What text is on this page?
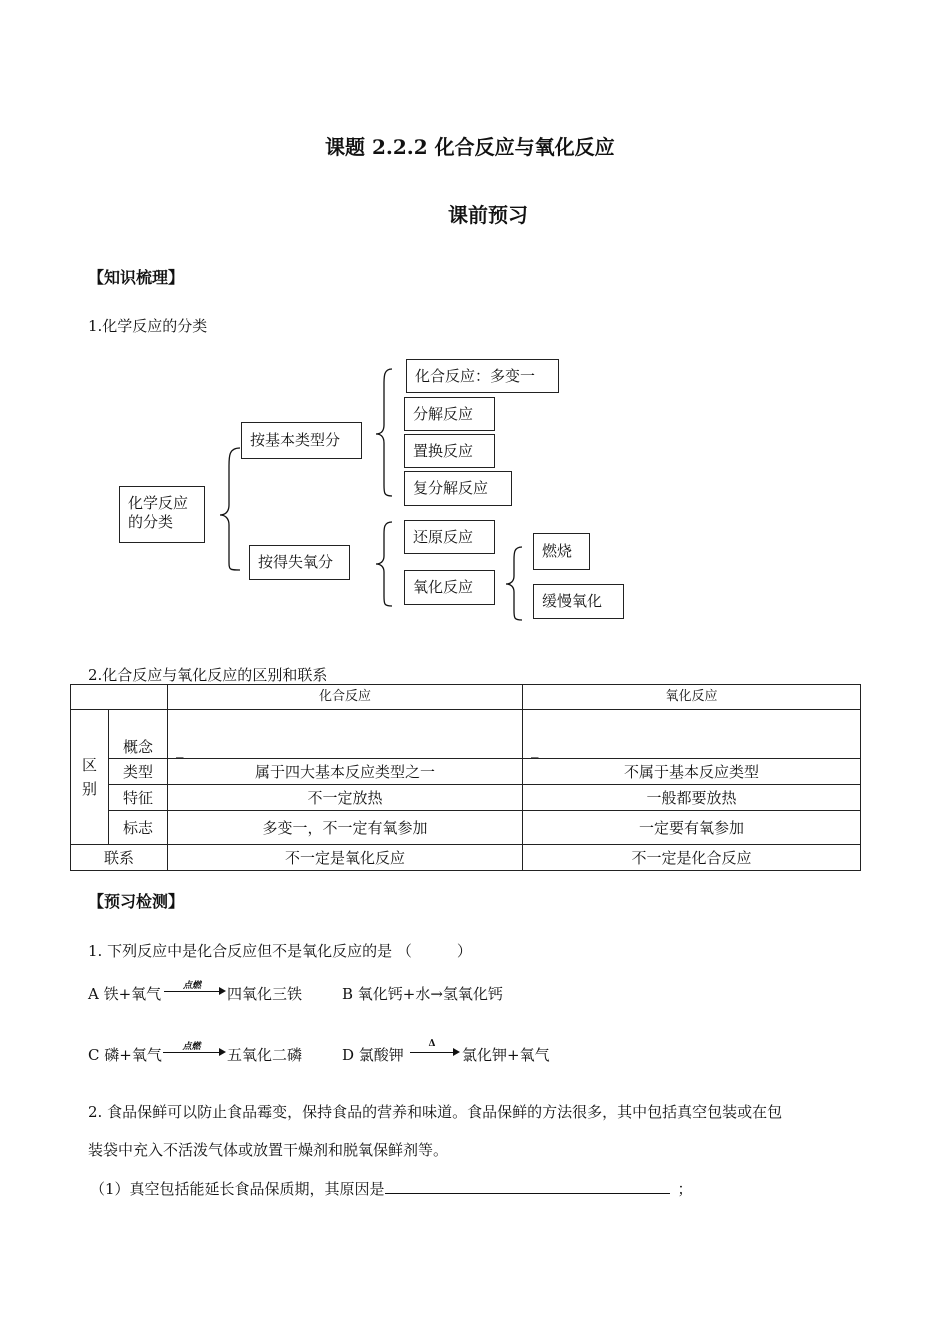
课题 2.2.2 化合反应与氧化反应
课前预习
【知识梳理】
1.化学反应的分类
化学反应的分类
按基本类型分
按得失氧分
化合反应：多变一
分解反应
置换反应
复分解反应
还原反应
氧化反应
燃烧
缓慢氧化
2.化合反应与氧化反应的区别和联系
		化合反应	氧化反应
区别	概念	_	_
	类型	属于四大基本反应类型之一	不属于基本反应类型
	特征	不一定放热	一般都要放热
	标志	多变一，不一定有氧参加	一定要有氧参加
联系		不一定是氧化反应	不一定是化合反应
【预习检测】
1. 下列反应中是化合反应但不是氧化反应的是 （　　　）
A 铁+氧气	点燃	四氧化三铁	B 氧化钙+水→氢氧化钙
C 磷+氧气	点燃	五氧化二磷	D 氯酸钾
Δ
氯化钾+氧气
2. 食品保鲜可以防止食品霉变，保持食品的营养和味道。食品保鲜的方法很多，其中包括真空包装或在包
装袋中充入不活泼气体或放置干燥剂和脱氧保鲜剂等。
（1）真空包括能延长食品保质期，其原因是	；
